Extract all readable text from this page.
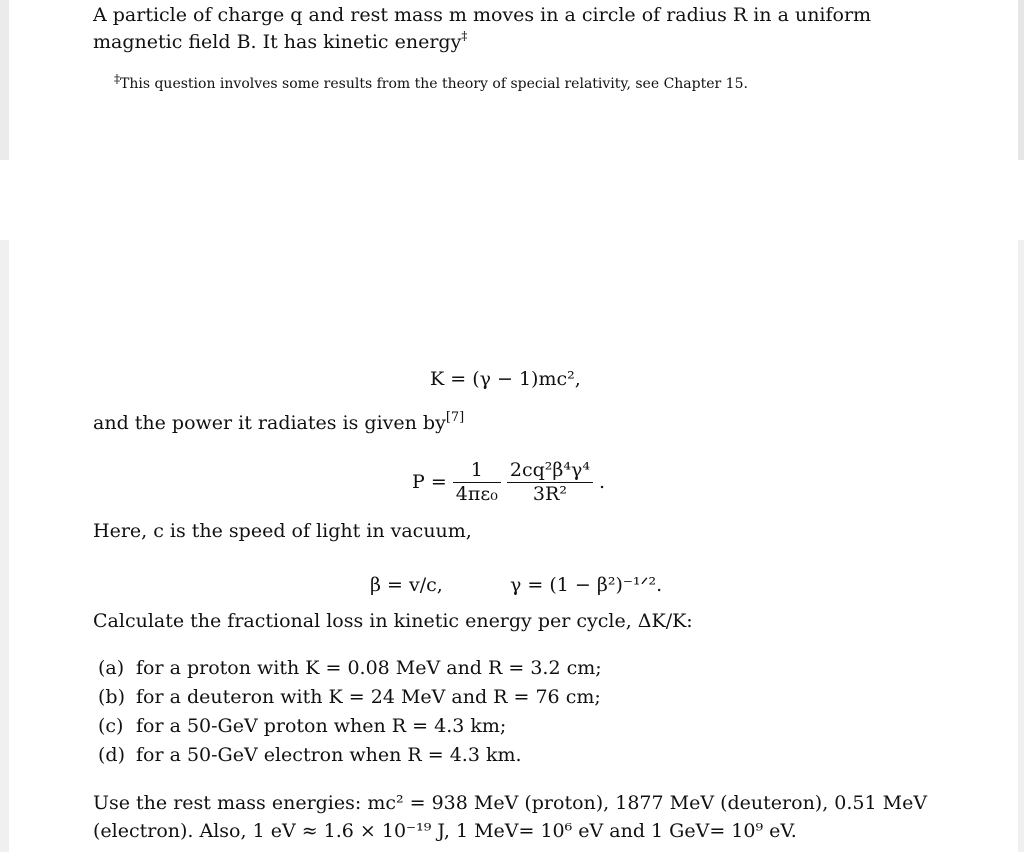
A particle of charge q and rest mass m moves in a circle of radius R in a uniform
magnetic field B. It has kinetic energy‡
‡This question involves some results from the theory of special relativity, see Chapter 15.
K = (γ − 1)mc²,
and the power it radiates is given by[7]
$P = \frac{1}{\text{4πε₀}}$
$\frac{\text{2cq²β⁴γ⁴}}{\text{3R²}}$ .
Here, c is the speed of light in vacuum,
β = v/c,	γ = (1 − β²)⁻¹ᐟ².
Calculate the fractional loss in kinetic energy per cycle, ΔK/K:
(a) for a proton with K = 0.08 MeV and R = 3.2 cm;
(b) for a deuteron with K = 24 MeV and R = 76 cm;
(c) for a 50-GeV proton when R = 4.3 km;
(d) for a 50-GeV electron when R = 4.3 km.
Use the rest mass energies: mc² = 938 MeV (proton), 1877 MeV (deuteron), 0.51 MeV
(electron). Also, 1 eV ≈ 1.6 × 10⁻¹⁹ J, 1 MeV= 10⁶ eV and 1 GeV= 10⁹ eV.
